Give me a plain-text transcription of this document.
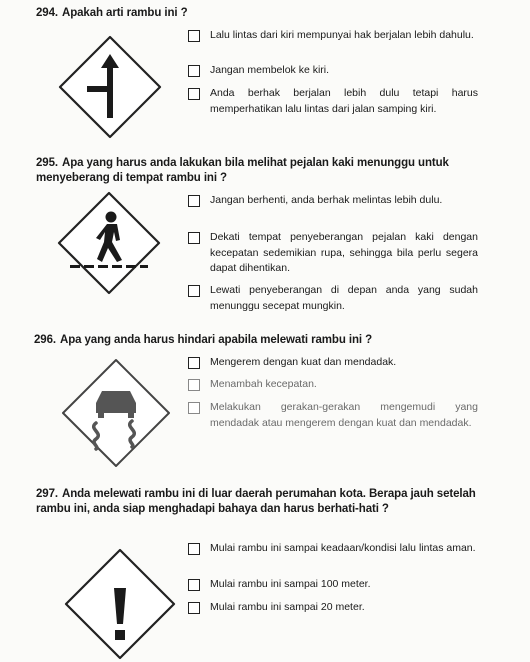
294. Apakah arti rambu ini ?
Lalu lintas dari kiri mempunyai hak berjalan lebih dahulu.
Jangan membelok ke kiri.
Anda berhak berjalan lebih dulu tetapi harus memperhatikan lalu lintas dari jalan samping kiri.
295. Apa yang harus anda lakukan bila melihat pejalan kaki menunggu untuk menyeberang di tempat rambu ini ?
Jangan berhenti, anda berhak melintas lebih dulu.
Dekati tempat penyeberangan pejalan kaki dengan kecepatan sedemikian rupa, sehingga bila perlu segera dapat dihentikan.
Lewati penyeberangan di depan anda yang sudah menunggu secepat mungkin.
296. Apa yang anda harus hindari apabila melewati rambu ini ?
Mengerem dengan kuat dan mendadak.
Menambah kecepatan.
Melakukan gerakan-gerakan mengemudi yang mendadak atau mengerem dengan kuat dan mendadak.
297. Anda melewati rambu ini di luar daerah perumahan kota. Berapa jauh setelah rambu ini, anda siap menghadapi bahaya dan harus berhati-hati ?
Mulai rambu ini sampai keadaan/kondisi lalu lintas aman.
Mulai rambu ini sampai 100 meter.
Mulai rambu ini sampai 20 meter.
